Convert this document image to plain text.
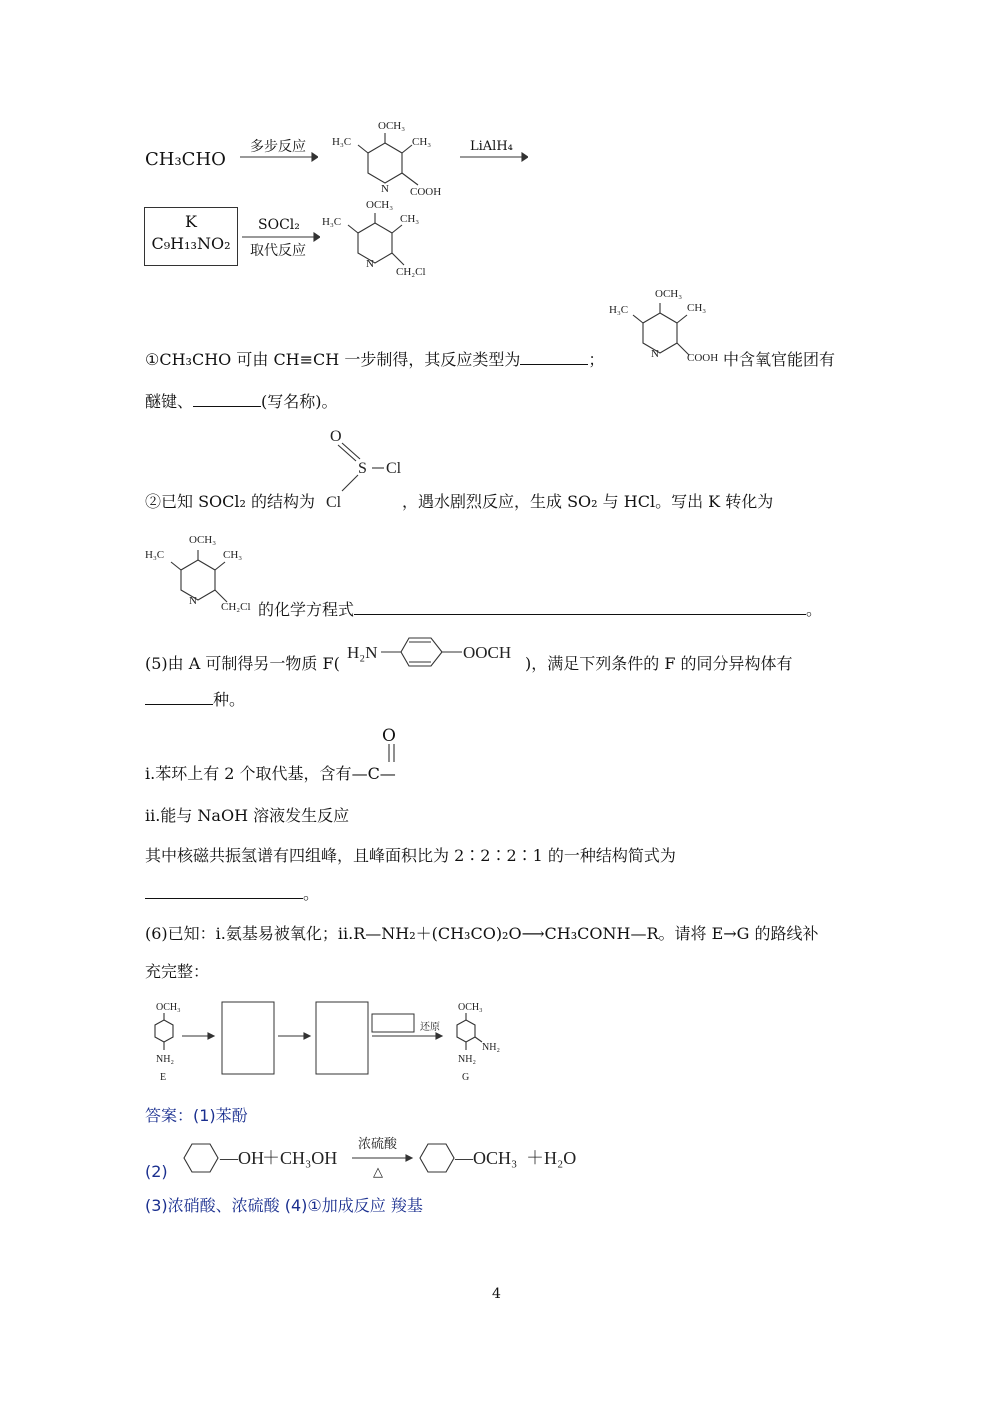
CH₃CHO
多步反应
OCH₃
H₃C	CH₃
N COOH
LiAlH₄
K
C₉H₁₃NO₂
SOCl₂
取代反应
OCH₃
H₃C	CH₃
N
CH₂Cl
OCH₃
H₃C	CH₃
N	COOH
①CH₃CHO 可由 CH≡CH 一步制得，其反应类型为	；	中含氧官能团有
醚键、	(写名称)。
O
S Cl
Cl
②已知 SOCl₂ 的结构为	，遇水剧烈反应，生成 SO₂ 与 HCl。写出 K 转化为
OCH₃
H₃C	CH₃
N CH₂Cl 的化学方程式	。
(5)由 A 可制得另一物质 F(
H₂N	OOCH
)，满足下列条件的 F 的同分异构体有
种。
O
i.苯环上有 2 个取代基，含有—C—
ii.能与 NaOH 溶液发生反应
其中核磁共振氢谱有四组峰，且峰面积比为 2∶2∶2∶1 的一种结构简式为
。
(6)已知：i.氨基易被氧化；ii.R—NH₂＋(CH₃CO)₂O⟶CH₃CONH—R。请将 E→G 的路线补
充完整：
OCH₃
NH₂
E
还原
OCH₃
NH₂
NH₂
G
答案：(1)苯酚
(2)
—OH
＋CH₃OH
浓硫酸
△
—OCH₃ ＋H₂O
(3)浓硝酸、浓硫酸 (4)①加成反应 羧基
4
